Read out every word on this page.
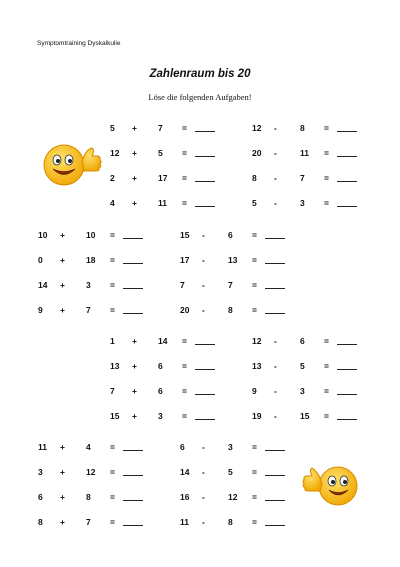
Symptomtraining Dyskalkulie
Zahlenraum bis 20
Löse die folgenden Aufgaben!
5 + 7 =	12 -	8 =
12 + 5 =	20 -	11 =
2 + 17 =	8 -	7 =
4 + 11 =	5 -	3 =
10 + 10 =	15 -	6 =
0 + 18 =	17 -	13 =
14 + 3 =	7 -	7 =
9 + 7 =	20 -	8 =
1 + 14 =	12 -	6 =
13 + 6 =	13 -	5 =
7 + 6 =	9 -	3 =
15 + 3 =	19 -	15 =
11 + 4 =	6 -	3 =
3 + 12 =	14 -	5 =
6 + 8 =	16 -	12 =
8 + 7 =	11 -	8 =
